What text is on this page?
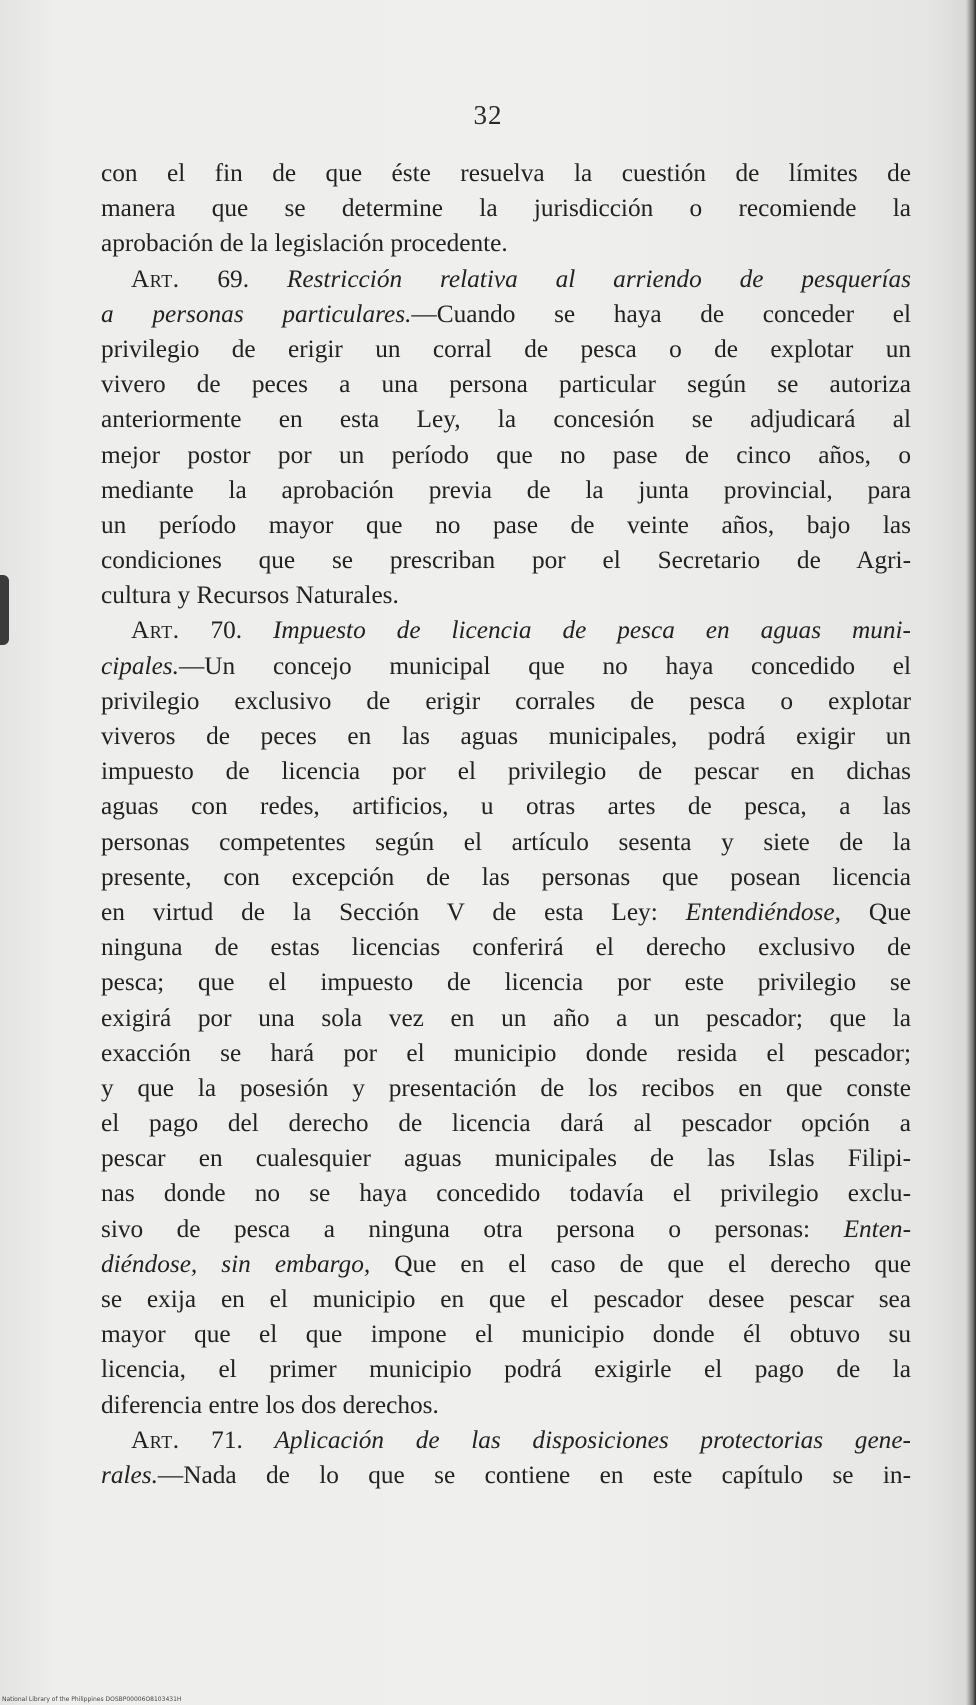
32
con el fin de que éste resuelva la cuestión de límites de
manera que se determine la jurisdicción o recomiende la
aprobación de la legislación procedente.
Art. 69. Restricción relativa al arriendo de pesquerías
a personas particulares.—Cuando se haya de conceder el
privilegio de erigir un corral de pesca o de explotar un
vivero de peces a una persona particular según se autoriza
anteriormente en esta Ley, la concesión se adjudicará al
mejor postor por un período que no pase de cinco años, o
mediante la aprobación previa de la junta provincial, para
un período mayor que no pase de veinte años, bajo las
condiciones que se prescriban por el Secretario de Agri-
cultura y Recursos Naturales.
Art. 70. Impuesto de licencia de pesca en aguas muni-
cipales.—Un concejo municipal que no haya concedido el
privilegio exclusivo de erigir corrales de pesca o explotar
viveros de peces en las aguas municipales, podrá exigir un
impuesto de licencia por el privilegio de pescar en dichas
aguas con redes, artificios, u otras artes de pesca, a las
personas competentes según el artículo sesenta y siete de la
presente, con excepción de las personas que posean licencia
en virtud de la Sección V de esta Ley: Entendiéndose, Que
ninguna de estas licencias conferirá el derecho exclusivo de
pesca; que el impuesto de licencia por este privilegio se
exigirá por una sola vez en un año a un pescador; que la
exacción se hará por el municipio donde resida el pescador;
y que la posesión y presentación de los recibos en que conste
el pago del derecho de licencia dará al pescador opción a
pescar en cualesquier aguas municipales de las Islas Filipi-
nas donde no se haya concedido todavía el privilegio exclu-
sivo de pesca a ninguna otra persona o personas: Enten-
diéndose, sin embargo, Que en el caso de que el derecho que
se exija en el municipio en que el pescador desee pescar sea
mayor que el que impone el municipio donde él obtuvo su
licencia, el primer municipio podrá exigirle el pago de la
diferencia entre los dos derechos.
Art. 71. Aplicación de las disposiciones protectorias gene-
rales.—Nada de lo que se contiene en este capítulo se in-
National Library of the Philippines DOSBP00006O8103431H
